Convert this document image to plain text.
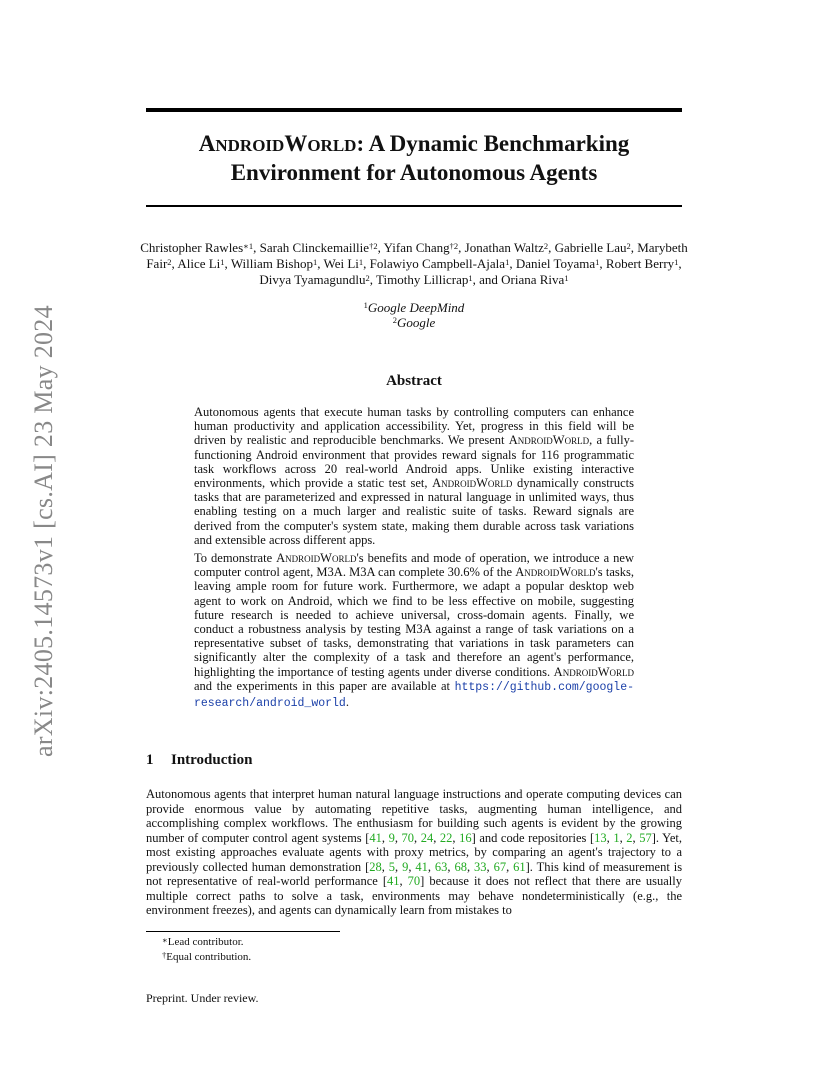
arXiv:2405.14573v1 [cs.AI] 23 May 2024
ANDROIDWORLD: A Dynamic Benchmarking
Environment for Autonomous Agents
Christopher Rawles$^{∗1}$, Sarah Clinckemaillie$^{\dagger 2}$, Yifan Chang$^{\dagger 2}$, Jonathan Waltz$^2$, Gabrielle Lau$^2$, Marybeth Fair$^2$, Alice Li$^1$, William Bishop$^1$, Wei Li$^1$, Folawiyo Campbell-Ajala$^1$, Daniel Toyama$^1$, Robert Berry$^1$, Divya Tyamagundlu$^2$, Timothy Lillicrap$^1$, and Oriana Riva$^1$
$^1$Google DeepMind
$^2$Google
Abstract

Autonomous agents that execute human tasks by controlling computers can enhance human productivity and application accessibility. Yet, progress in this field will be driven by realistic and reproducible benchmarks. We present AndroidWorld, a fully-functioning Android environment that provides reward signals for 116 programmatic task workflows across 20 real-world Android apps. Unlike existing interactive environments, which provide a static test set, AndroidWorld dynamically constructs tasks that are parameterized and expressed in natural language in unlimited ways, thus enabling testing on a much larger and realistic suite of tasks. Reward signals are derived from the computer's system state, making them durable across task variations and extensible across different apps.

To demonstrate AndroidWorld's benefits and mode of operation, we introduce a new computer control agent, M3A. M3A can complete 30.6% of the AndroidWorld's tasks, leaving ample room for future work. Furthermore, we adapt a popular desktop web agent to work on Android, which we find to be less effective on mobile, suggesting future research is needed to achieve universal, cross-domain agents. Finally, we conduct a robustness analysis by testing M3A against a range of task variations on a representative subset of tasks, demonstrating that variations in task parameters can significantly alter the complexity of a task and therefore an agent's performance, highlighting the importance of testing agents under diverse conditions. AndroidWorld and the experiments in this paper are available at https://github.com/google-research/android_world.

1 Introduction

Autonomous agents that interpret human natural language instructions and operate computing devices can provide enormous value by automating repetitive tasks, augmenting human intelligence, and accomplishing complex workflows. The enthusiasm for building such agents is evident by the growing number of computer control agent systems [41, 9, 70, 24, 22, 16] and code repositories [13, 1, 2, 57]. Yet, most existing approaches evaluate agents with proxy metrics, by comparing an agent's trajectory to a previously collected human demonstration [28, 5, 9, 41, 63, 68, 33, 67, 61]. This kind of measurement is not representative of real-world performance [41, 70] because it does not reflect that there are usually multiple correct paths to solve a task, environments may behave nondeterministically (e.g., the environment freezes), and agents can dynamically learn from mistakes to

∗Lead contributor.
†Equal contribution.
Preprint. Under review.
